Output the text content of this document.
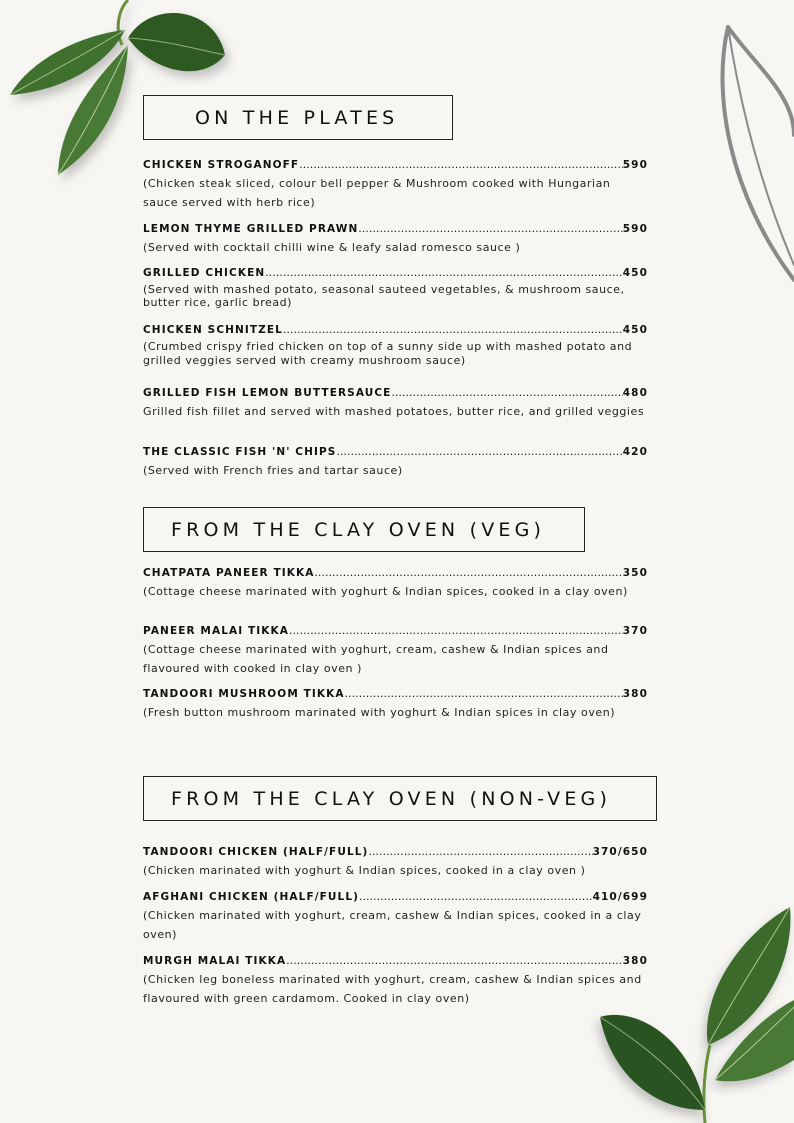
ON THE PLATES
CHICKEN STROGANOFF .....	590
(Chicken steak sliced, colour bell pepper & Mushroom cooked with Hungarian sauce served with herb rice)
LEMON THYME GRILLED PRAWN .....	590
(Served with cocktail chilli wine & leafy salad romesco sauce )
GRILLED CHICKEN .....	450
(Served with mashed potato, seasonal sauteed vegetables, & mushroom sauce, butter rice, garlic bread)
CHICKEN SCHNITZEL .....	450
(Crumbed crispy fried chicken on top of a sunny side up with mashed potato and grilled veggies served with creamy mushroom sauce)
GRILLED FISH LEMON BUTTERSAUCE .....	480
Grilled fish fillet and served with mashed potatoes, butter rice, and grilled veggies
THE CLASSIC FISH 'N' CHIPS .....	420
(Served with French fries and tartar sauce)
FROM THE CLAY OVEN (VEG)
CHATPATA PANEER TIKKA .....	350
(Cottage cheese marinated with yoghurt & Indian spices, cooked in a clay oven)
PANEER MALAI TIKKA .....	370
(Cottage cheese marinated with yoghurt, cream, cashew & Indian spices and flavoured with cooked in clay oven )
TANDOORI MUSHROOM TIKKA .....	380
(Fresh button mushroom marinated with yoghurt & Indian spices in clay oven)
FROM THE CLAY OVEN (NON-VEG)
TANDOORI CHICKEN (HALF/FULL) .....	370/650
(Chicken marinated with yoghurt & Indian spices, cooked in a clay oven )
AFGHANI CHICKEN (HALF/FULL) .....	410/699
(Chicken marinated with yoghurt, cream, cashew & Indian spices, cooked in a clay oven)
MURGH MALAI TIKKA .....	380
(Chicken leg boneless marinated with yoghurt, cream, cashew & Indian spices and flavoured with green cardamom. Cooked in clay oven)
